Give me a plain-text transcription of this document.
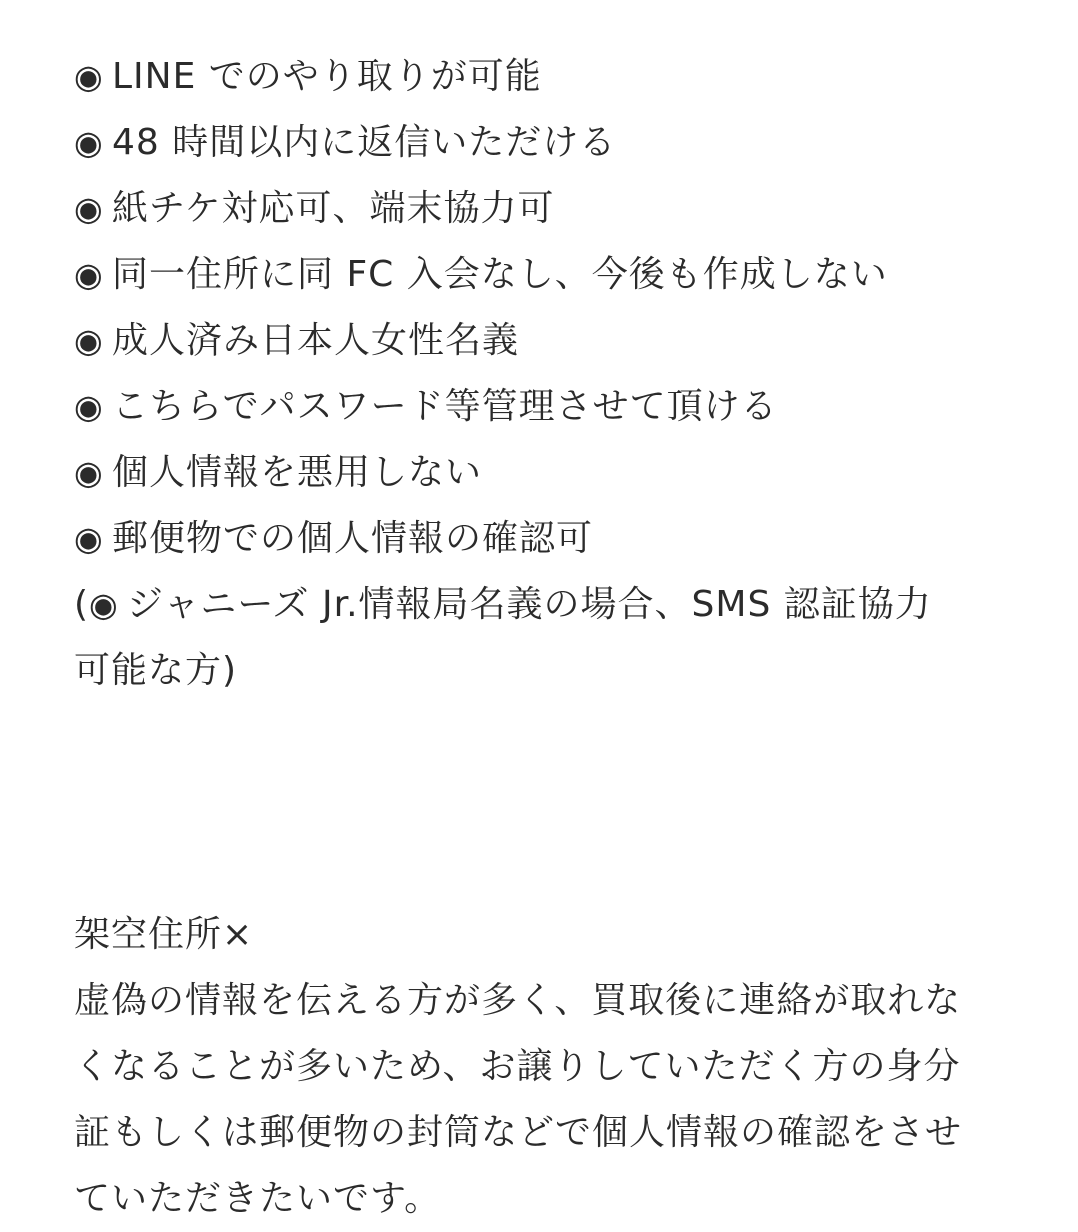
◉ LINE でのやり取りが可能
◉ 48 時間以内に返信いただける
◉ 紙チケ対応可、端末協力可
◉ 同一住所に同 FC 入会なし、今後も作成しない
◉ 成人済み日本人女性名義
◉ こちらでパスワード等管理させて頂ける
◉ 個人情報を悪用しない
◉ 郵便物での個人情報の確認可
(◉ ジャニーズ Jr.情報局名義の場合、SMS 認証協力
可能な方)
架空住所×
虚偽の情報を伝える方が多く、買取後に連絡が取れな
くなることが多いため、お譲りしていただく方の身分
証もしくは郵便物の封筒などで個人情報の確認をさせ
ていただきたいです。
